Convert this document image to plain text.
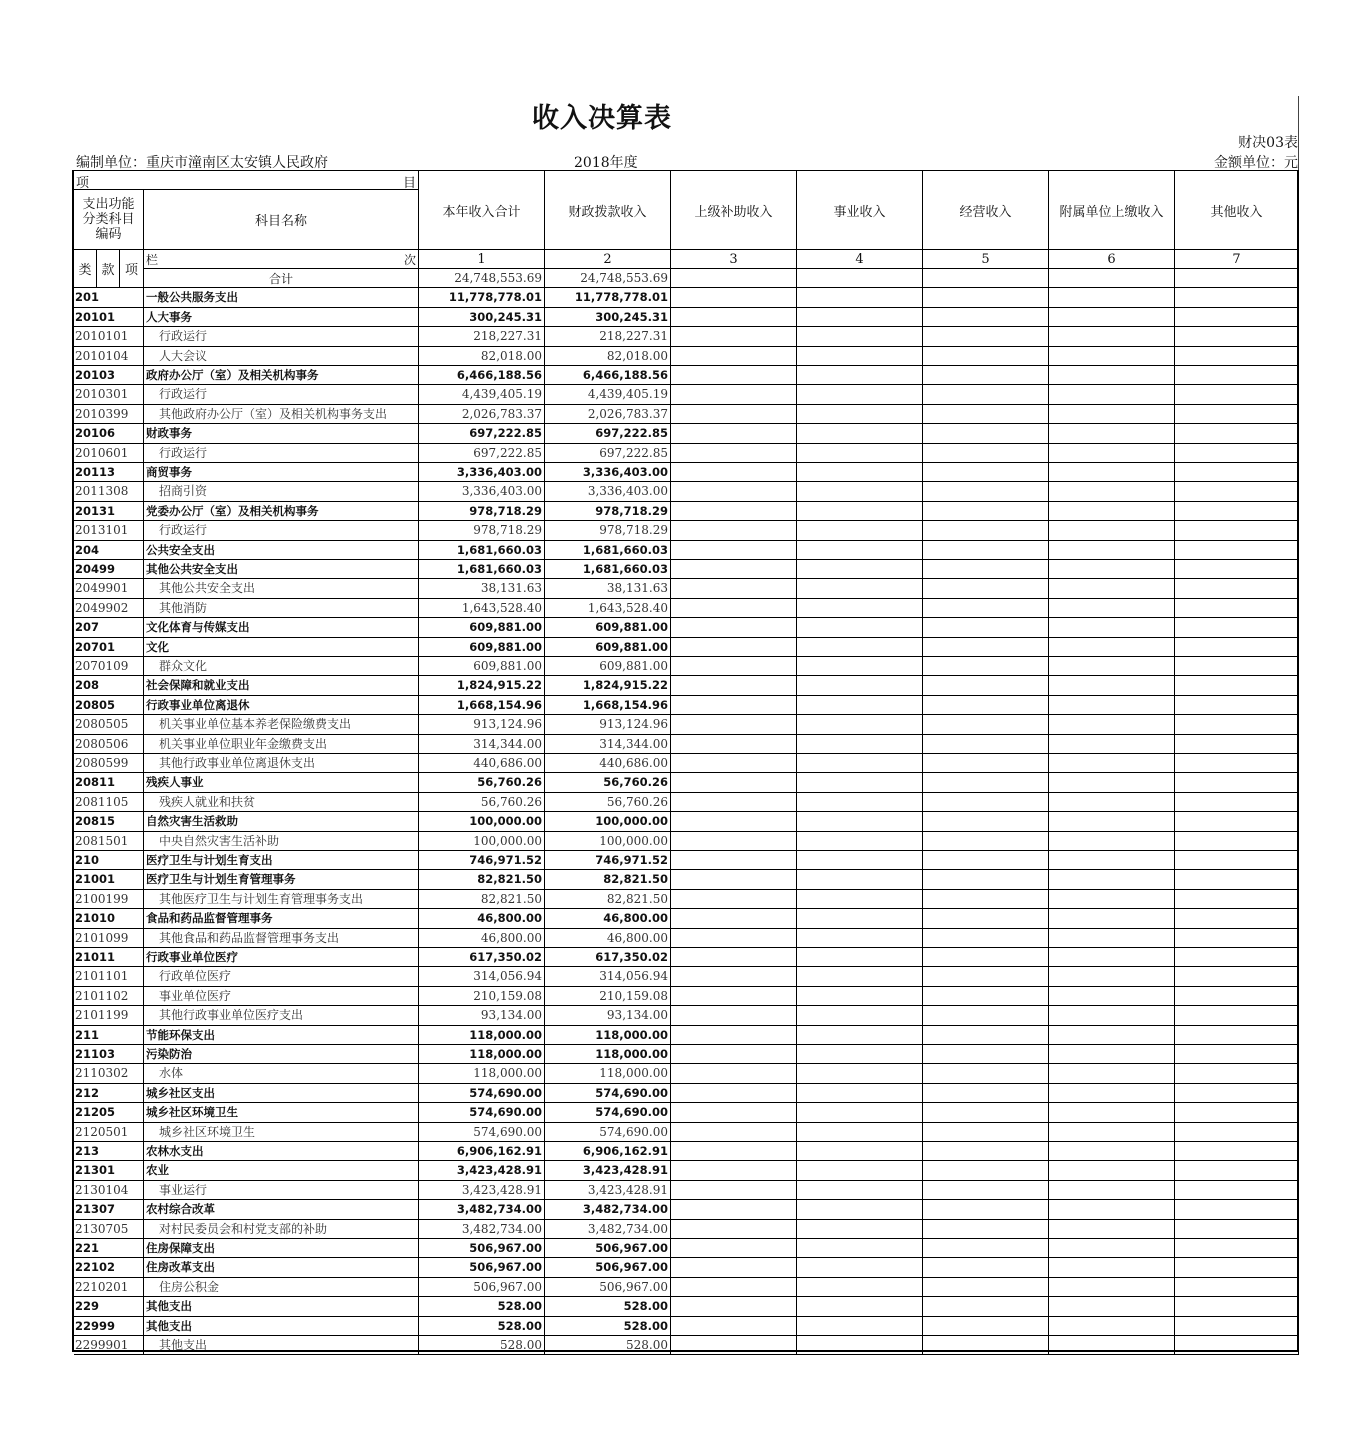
收入决算表
财决03表
编制单位：重庆市潼南区太安镇人民政府	2018年度	金额单位：元
项	目
本年收入合计	财政拨款收入	上级补助收入	事业收入	经营收入	附属单位上缴收入	其他收入
支出功能分类科目编码
科目名称
类 款 项
栏	次	1	2	3	4	5	6	7
合计	24,748,553.69	24,748,553.69
201	一般公共服务支出	11,778,778.01	11,778,778.01
20101	人大事务	300,245.31	300,245.31
2010101	行政运行	218,227.31	218,227.31
2010104	人大会议	82,018.00	82,018.00
20103	政府办公厅（室）及相关机构事务	6,466,188.56	6,466,188.56
2010301	行政运行	4,439,405.19	4,439,405.19
2010399	其他政府办公厅（室）及相关机构事务支出	2,026,783.37	2,026,783.37
20106	财政事务	697,222.85	697,222.85
2010601	行政运行	697,222.85	697,222.85
20113	商贸事务	3,336,403.00	3,336,403.00
2011308	招商引资	3,336,403.00	3,336,403.00
20131	党委办公厅（室）及相关机构事务	978,718.29	978,718.29
2013101	行政运行	978,718.29	978,718.29
204	公共安全支出	1,681,660.03	1,681,660.03
20499	其他公共安全支出	1,681,660.03	1,681,660.03
2049901	其他公共安全支出	38,131.63	38,131.63
2049902	其他消防	1,643,528.40	1,643,528.40
207	文化体育与传媒支出	609,881.00	609,881.00
20701	文化	609,881.00	609,881.00
2070109	群众文化	609,881.00	609,881.00
208	社会保障和就业支出	1,824,915.22	1,824,915.22
20805	行政事业单位离退休	1,668,154.96	1,668,154.96
2080505	机关事业单位基本养老保险缴费支出	913,124.96	913,124.96
2080506	机关事业单位职业年金缴费支出	314,344.00	314,344.00
2080599	其他行政事业单位离退休支出	440,686.00	440,686.00
20811	残疾人事业	56,760.26	56,760.26
2081105	残疾人就业和扶贫	56,760.26	56,760.26
20815	自然灾害生活救助	100,000.00	100,000.00
2081501	中央自然灾害生活补助	100,000.00	100,000.00
210	医疗卫生与计划生育支出	746,971.52	746,971.52
21001	医疗卫生与计划生育管理事务	82,821.50	82,821.50
2100199	其他医疗卫生与计划生育管理事务支出	82,821.50	82,821.50
21010	食品和药品监督管理事务	46,800.00	46,800.00
2101099	其他食品和药品监督管理事务支出	46,800.00	46,800.00
21011	行政事业单位医疗	617,350.02	617,350.02
2101101	行政单位医疗	314,056.94	314,056.94
2101102	事业单位医疗	210,159.08	210,159.08
2101199	其他行政事业单位医疗支出	93,134.00	93,134.00
211	节能环保支出	118,000.00	118,000.00
21103	污染防治	118,000.00	118,000.00
2110302	水体	118,000.00	118,000.00
212	城乡社区支出	574,690.00	574,690.00
21205	城乡社区环境卫生	574,690.00	574,690.00
2120501	城乡社区环境卫生	574,690.00	574,690.00
213	农林水支出	6,906,162.91	6,906,162.91
21301	农业	3,423,428.91	3,423,428.91
2130104	事业运行	3,423,428.91	3,423,428.91
21307	农村综合改革	3,482,734.00	3,482,734.00
2130705	对村民委员会和村党支部的补助	3,482,734.00	3,482,734.00
221	住房保障支出	506,967.00	506,967.00
22102	住房改革支出	506,967.00	506,967.00
2210201	住房公积金	506,967.00	506,967.00
229	其他支出	528.00	528.00
22999	其他支出	528.00	528.00
2299901	其他支出	528.00	528.00
